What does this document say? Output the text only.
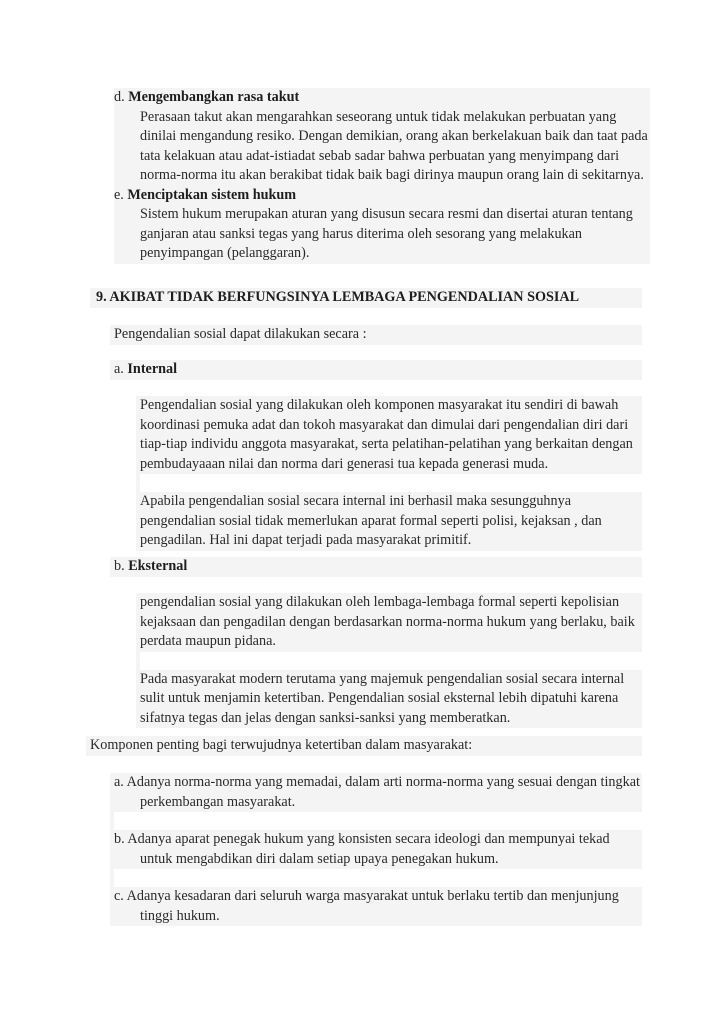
d. Mengembangkan rasa takut

Perasaan takut akan mengarahkan seseorang untuk tidak melakukan perbuatan yang dinilai mengandung resiko. Dengan demikian, orang akan berkelakuan baik dan taat pada tata kelakuan atau adat-istiadat sebab sadar bahwa perbuatan yang menyimpang dari norma-norma itu akan berakibat tidak baik bagi dirinya maupun orang lain di sekitarnya.

e. Menciptakan sistem hukum

Sistem hukum merupakan aturan yang disusun secara resmi dan disertai aturan tentang ganjaran atau sanksi tegas yang harus diterima oleh sesorang yang melakukan penyimpangan (pelanggaran).

9. AKIBAT TIDAK BERFUNGSINYA LEMBAGA PENGENDALIAN SOSIAL

Pengendalian sosial dapat dilakukan secara :

a. Internal

Pengendalian sosial yang dilakukan oleh komponen masyarakat itu sendiri di bawah koordinasi pemuka adat dan tokoh masyarakat dan dimulai dari pengendalian diri dari tiap-tiap individu anggota masyarakat, serta pelatihan-pelatihan yang berkaitan dengan pembudayaaan nilai dan norma dari generasi tua kepada generasi muda.

Apabila pengendalian sosial secara internal ini berhasil maka sesungguhnya pengendalian sosial tidak memerlukan aparat formal seperti polisi, kejaksan , dan pengadilan. Hal ini dapat terjadi pada masyarakat primitif.

b. Eksternal

pengendalian sosial yang dilakukan oleh lembaga-lembaga formal seperti kepolisian kejaksaan dan pengadilan dengan berdasarkan norma-norma hukum yang berlaku, baik perdata maupun pidana.

Pada masyarakat modern terutama yang majemuk pengendalian sosial secara internal sulit untuk menjamin ketertiban. Pengendalian sosial eksternal lebih dipatuhi karena sifatnya tegas dan jelas dengan sanksi-sanksi yang memberatkan.

Komponen penting bagi terwujudnya ketertiban dalam masyarakat:

a. Adanya norma-norma yang memadai, dalam arti norma-norma yang sesuai dengan tingkat perkembangan masyarakat.

b. Adanya aparat penegak hukum yang konsisten secara ideologi dan mempunyai tekad untuk mengabdikan diri dalam setiap upaya penegakan hukum.

c. Adanya kesadaran dari seluruh warga masyarakat untuk berlaku tertib dan menjunjung tinggi hukum.
